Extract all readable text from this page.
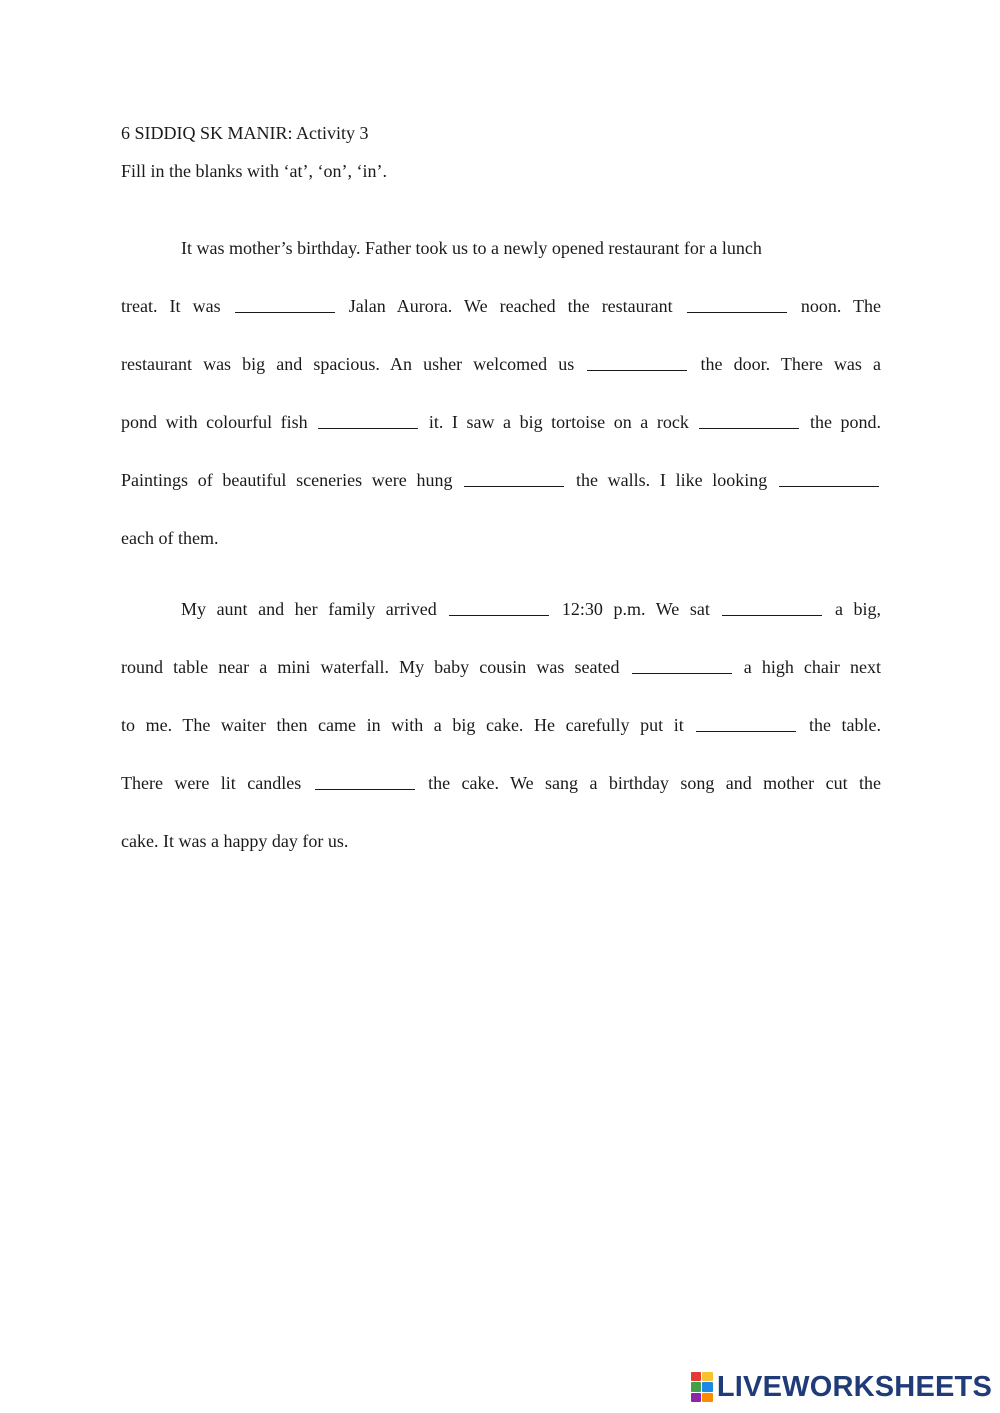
6 SIDDIQ SK MANIR: Activity 3
Fill in the blanks with ‘at’, ‘on’, ‘in’.
It was mother’s birthday. Father took us to a newly opened restaurant for a lunch
treat. It was	Jalan Aurora. We reached the restaurant	noon. The
restaurant was big and spacious. An usher welcomed us	the door. There was a
pond with colourful fish	it. I saw a big tortoise on a rock	the pond.
Paintings of beautiful sceneries were hung	the walls. I like looking
each of them.
My aunt and her family arrived	12:30 p.m. We sat	a big,
round table near a mini waterfall. My baby cousin was seated	a high chair next
to me. The waiter then came in with a big cake. He carefully put it	the table.
There were lit candles	the cake. We sang a birthday song and mother cut the
cake. It was a happy day for us.
LIVEWORKSHEETS
